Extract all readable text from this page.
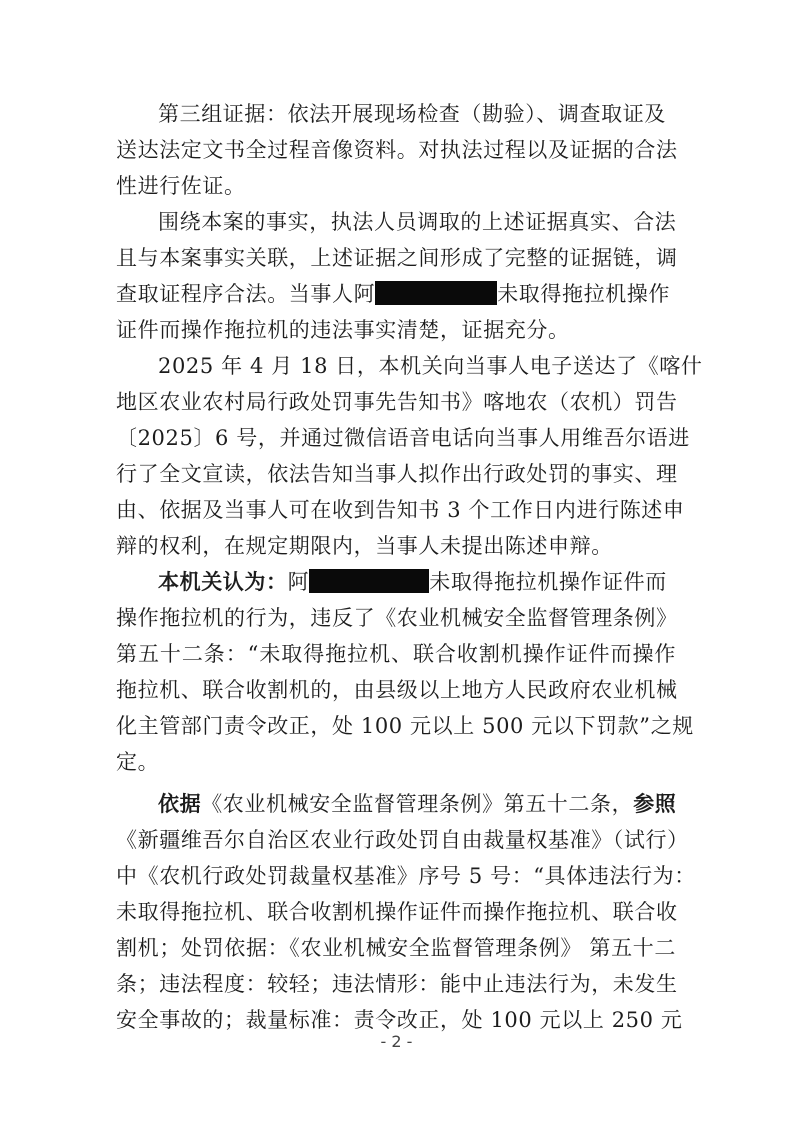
第三组证据：依法开展现场检查（勘验）、调查取证及
送达法定文书全过程音像资料。对执法过程以及证据的合法
性进行佐证。
围绕本案的事实，执法人员调取的上述证据真实、合法
且与本案事实关联，上述证据之间形成了完整的证据链，调
查取证程序合法。当事人阿	未取得拖拉机操作
证件而操作拖拉机的违法事实清楚，证据充分。
2025 年 4 月 18 日，本机关向当事人电子送达了《喀什
地区农业农村局行政处罚事先告知书》喀地农（农机）罚告
〔2025〕6 号，并通过微信语音电话向当事人用维吾尔语进
行了全文宣读，依法告知当事人拟作出行政处罚的事实、理
由、依据及当事人可在收到告知书 3 个工作日内进行陈述申
辩的权利，在规定期限内，当事人未提出陈述申辩。
本机关认为：阿	未取得拖拉机操作证件而
操作拖拉机的行为，违反了《农业机械安全监督管理条例》
第五十二条：“未取得拖拉机、联合收割机操作证件而操作
拖拉机、联合收割机的，由县级以上地方人民政府农业机械
化主管部门责令改正，处 100 元以上 500 元以下罚款”之规
定。
依据《农业机械安全监督管理条例》第五十二条，参照
《新疆维吾尔自治区农业行政处罚自由裁量权基准》（试行）
中《农机行政处罚裁量权基准》序号 5 号：“具体违法行为：
未取得拖拉机、联合收割机操作证件而操作拖拉机、联合收
割机；处罚依据：《农业机械安全监督管理条例》 第五十二
条；违法程度：较轻；违法情形：能中止违法行为，未发生
安全事故的；裁量标准：责令改正，处 100 元以上 250 元
- 2 -
